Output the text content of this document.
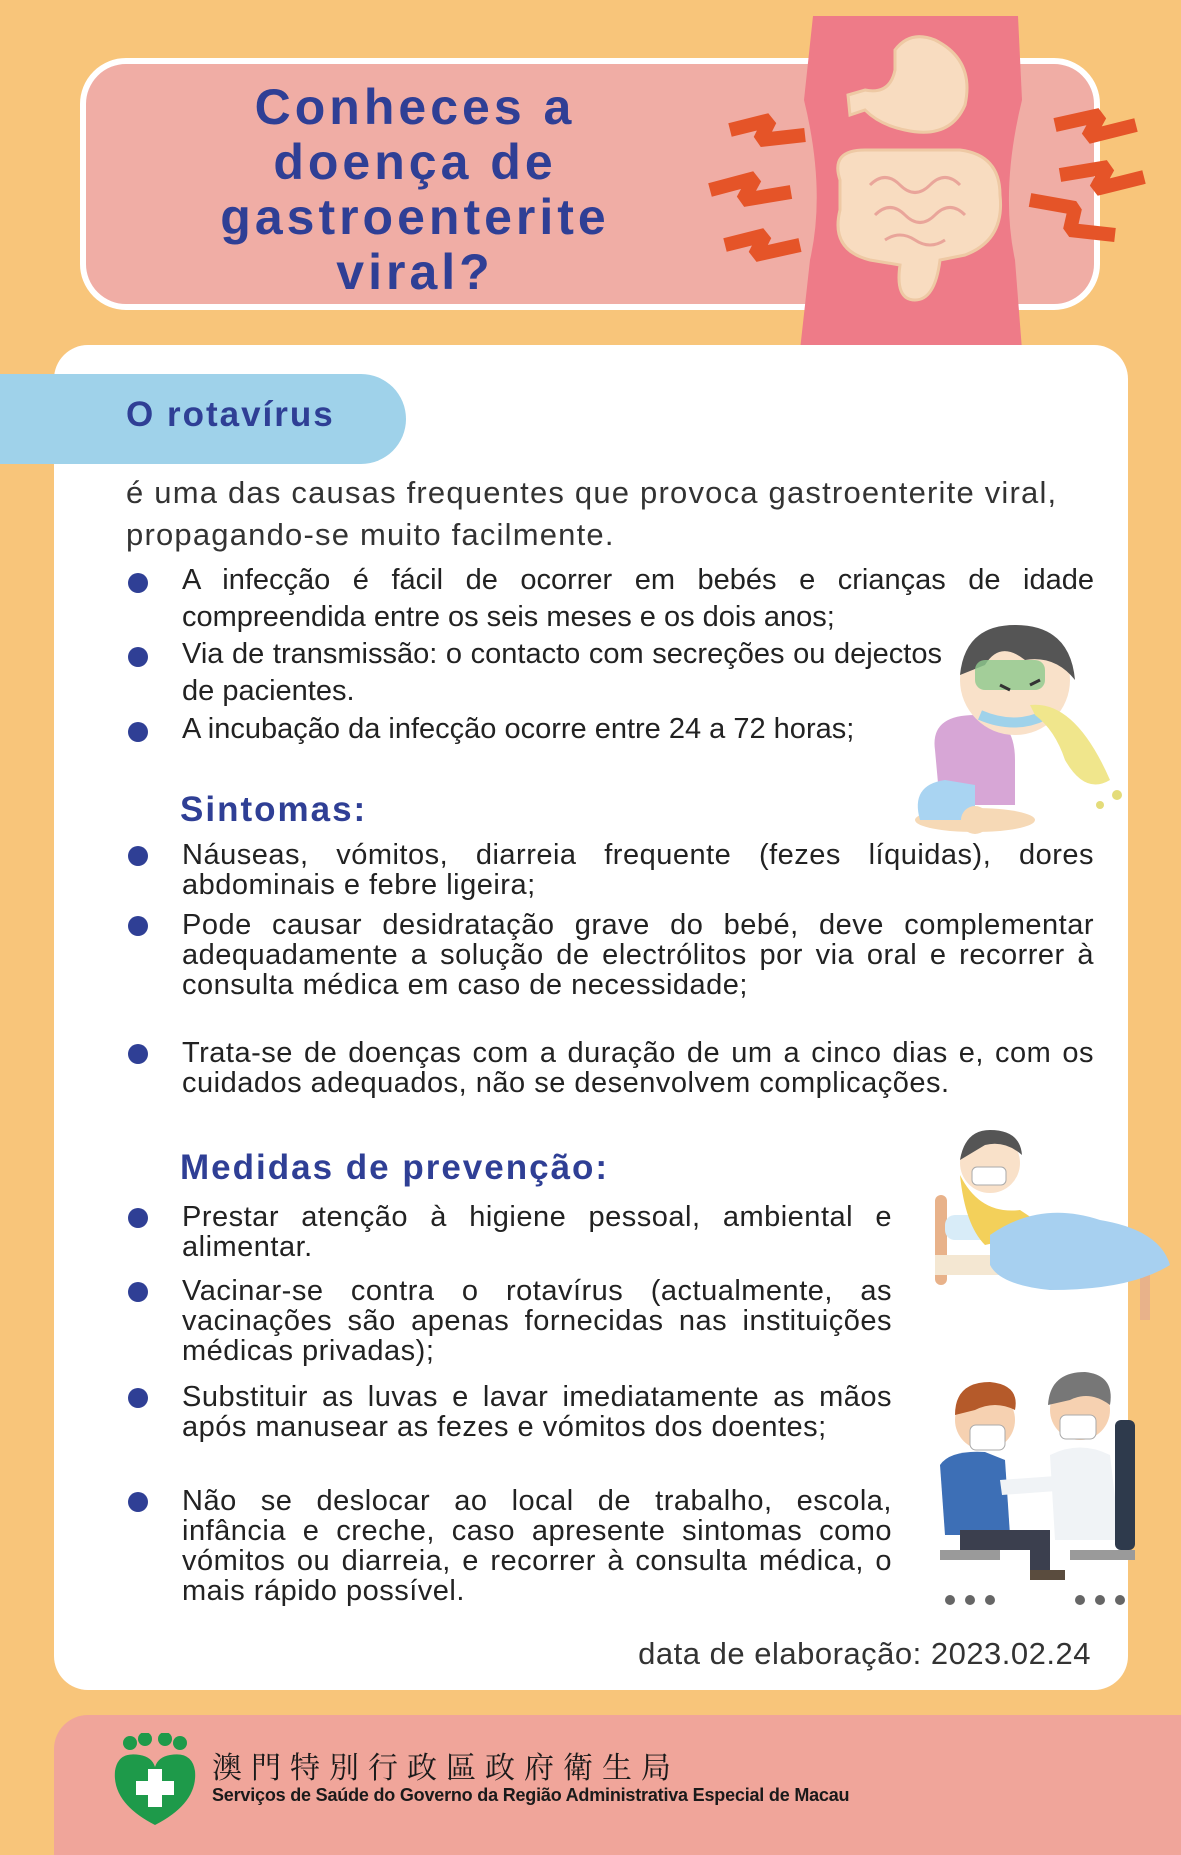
Conheces a doença de gastroenterite viral?
O rotavírus

é uma das causas frequentes que provoca gastroenterite viral, propagando-se muito facilmente.

A infecção é fácil de ocorrer em bebés e crianças de idade compreendida entre os seis meses e os dois anos;

Via de transmissão: o contacto com secreções ou dejectos de pacientes.

A incubação da infecção ocorre entre 24 a 72 horas;

Sintomas:

Náuseas, vómitos, diarreia frequente (fezes líquidas), dores abdominais e febre ligeira;

Pode causar desidratação grave do bebé, deve complementar adequadamente a solução de electrólitos por via oral e recorrer à consulta médica em caso de necessidade;

Trata-se de doenças com a duração de um a cinco dias e, com os cuidados adequados, não se desenvolvem complicações.

Medidas de prevenção:

Prestar atenção à higiene pessoal, ambiental e alimentar.

Vacinar-se contra o rotavírus (actualmente, as vacinações são apenas fornecidas nas instituições médicas privadas);

Substituir as luvas e lavar imediatamente as mãos após manusear as fezes e vómitos dos doentes;

Não se deslocar ao local de trabalho, escola, infância e creche, caso apresente sintomas como vómitos ou diarreia, e recorrer à consulta médica, o mais rápido possível.

data de elaboração: 2023.02.24
澳門特別行政區政府衛生局
Serviços de Saúde do Governo da Região Administrativa Especial de Macau
